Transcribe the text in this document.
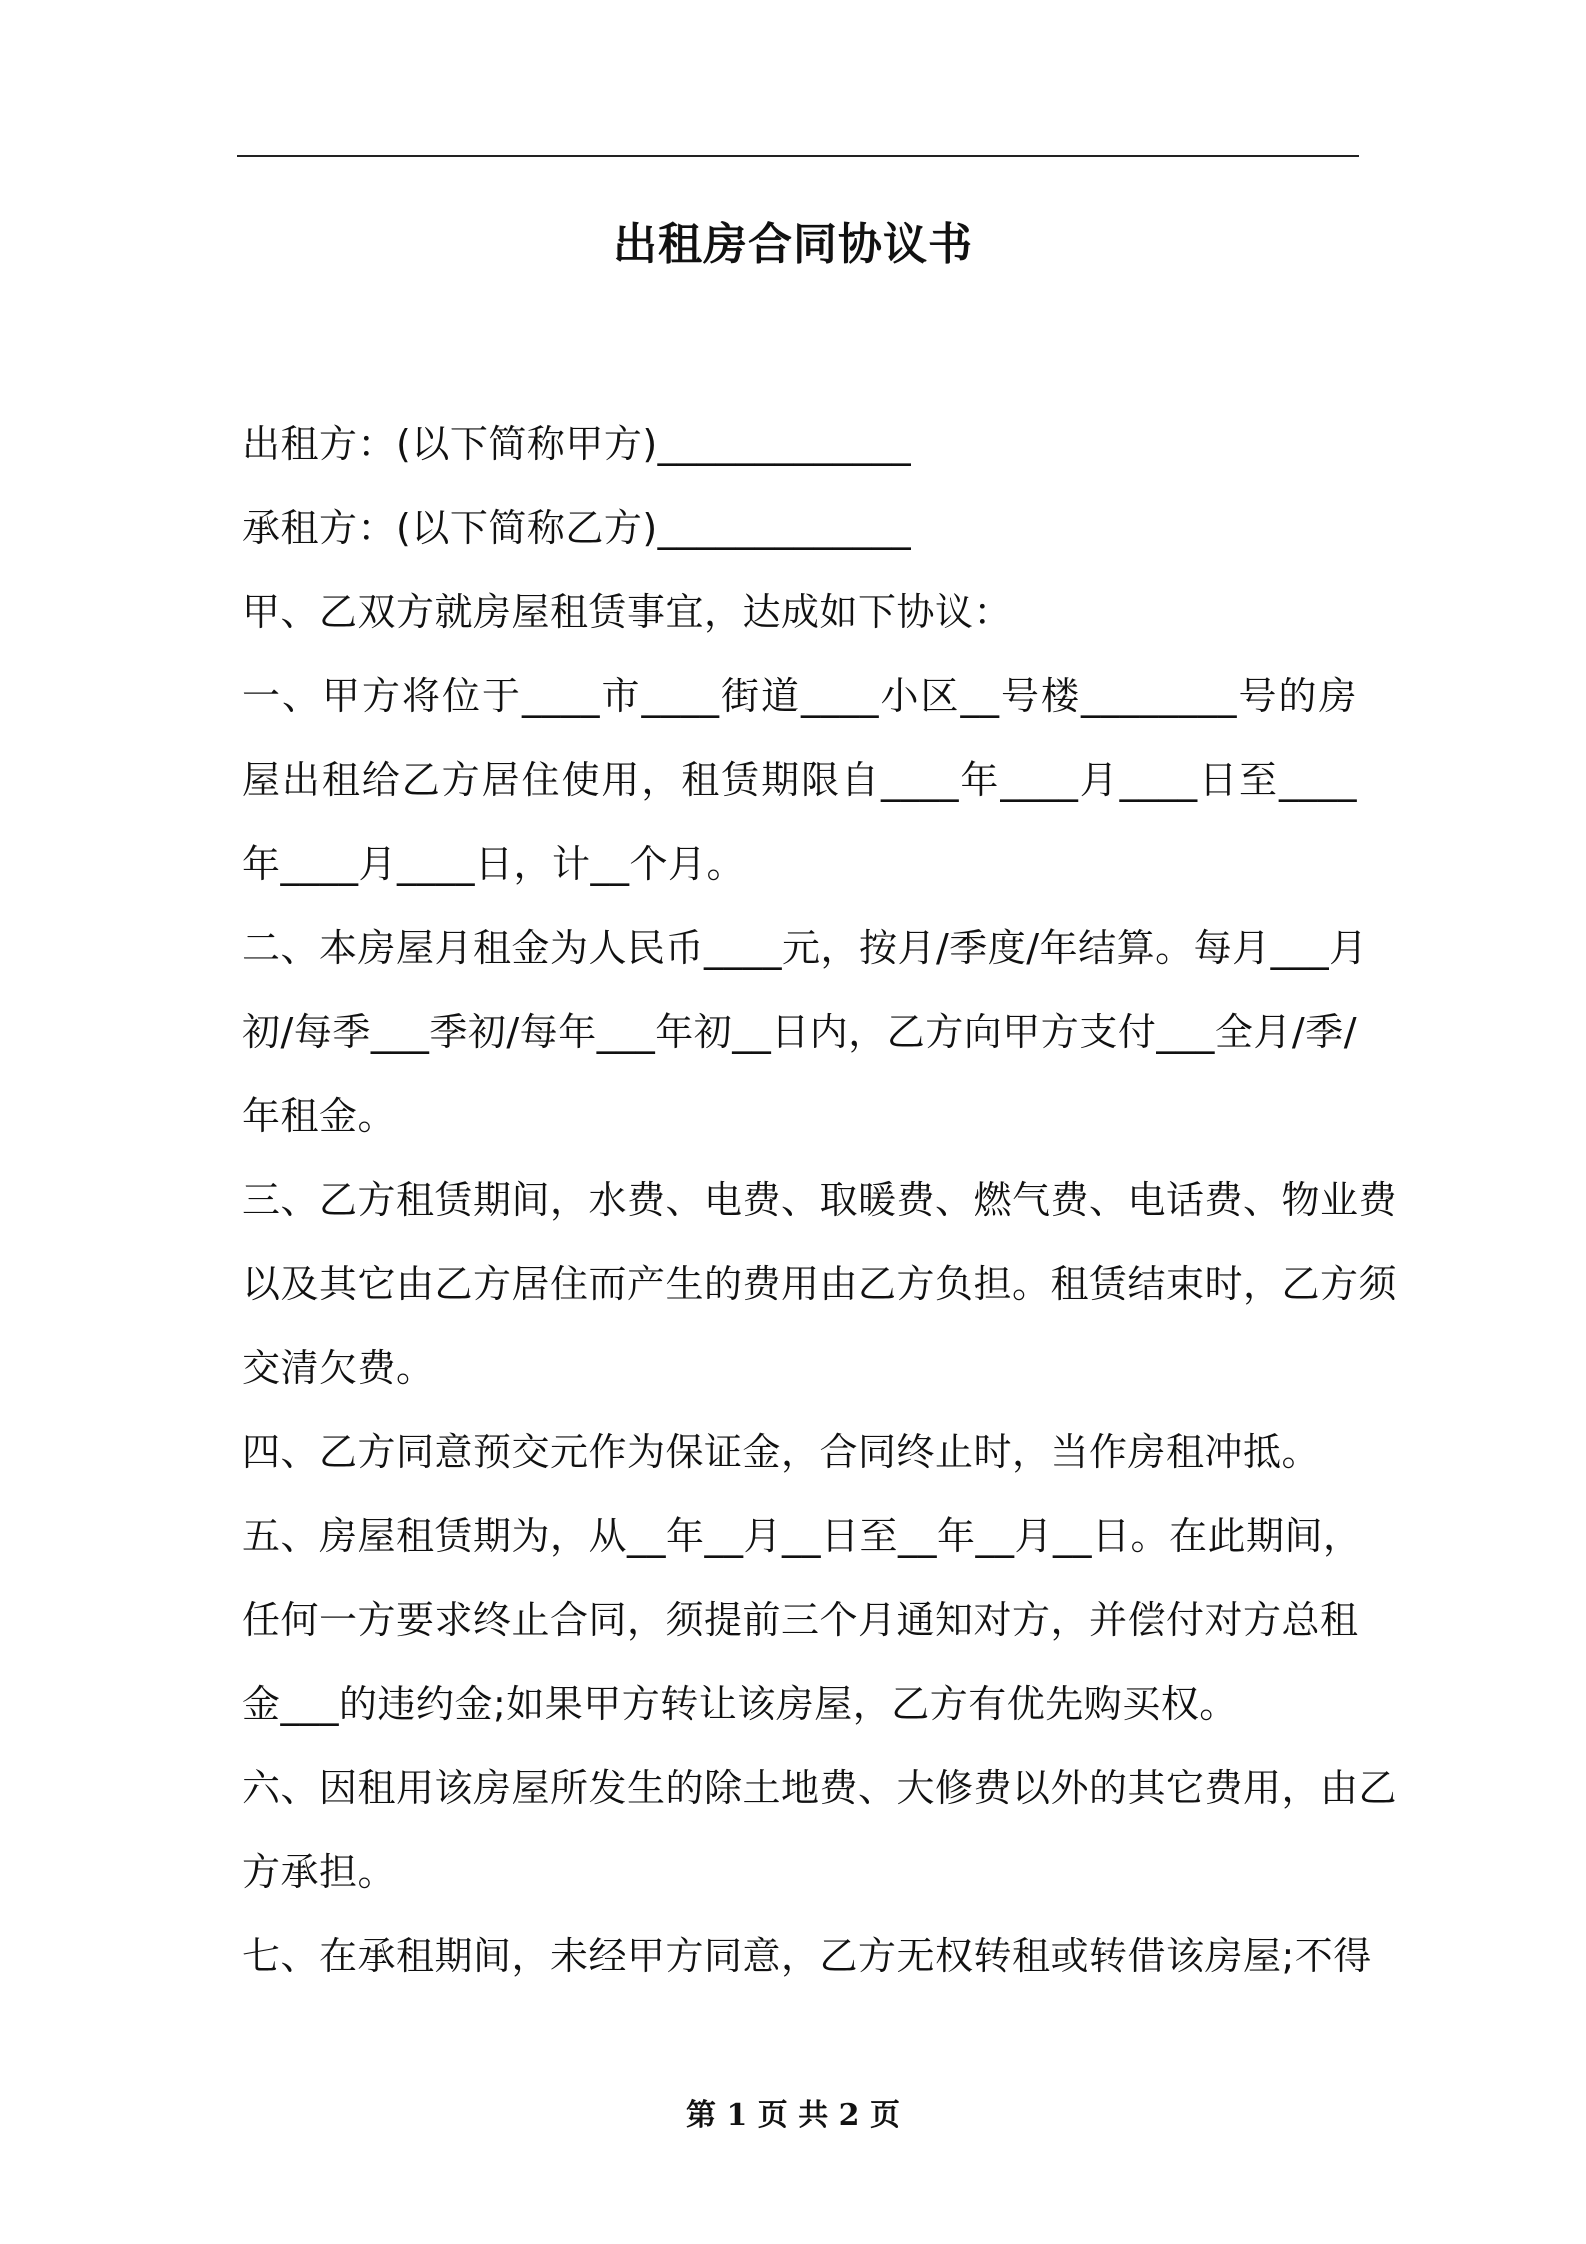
出租房合同协议书
出租方：(以下简称甲方)_____________
承租方：(以下简称乙方)_____________
甲、乙双方就房屋租赁事宜，达成如下协议：
一、甲方将位于____市____街道____小区__号楼________号的房
屋出租给乙方居住使用，租赁期限自____年____月____日至____
年____月____日，计__个月。
二、本房屋月租金为人民币____元，按月/季度/年结算。每月___月
初/每季___季初/每年___年初__日内，乙方向甲方支付___全月/季/
年租金。
三、乙方租赁期间，水费、电费、取暖费、燃气费、电话费、物业费
以及其它由乙方居住而产生的费用由乙方负担。租赁结束时，乙方须
交清欠费。
四、乙方同意预交元作为保证金，合同终止时，当作房租冲抵。
五、房屋租赁期为，从__年__月__日至__年__月__日。在此期间，
任何一方要求终止合同，须提前三个月通知对方，并偿付对方总租
金___的违约金;如果甲方转让该房屋，乙方有优先购买权。
六、因租用该房屋所发生的除土地费、大修费以外的其它费用，由乙
方承担。
七、在承租期间，未经甲方同意，乙方无权转租或转借该房屋;不得
第 1 页 共 2 页
